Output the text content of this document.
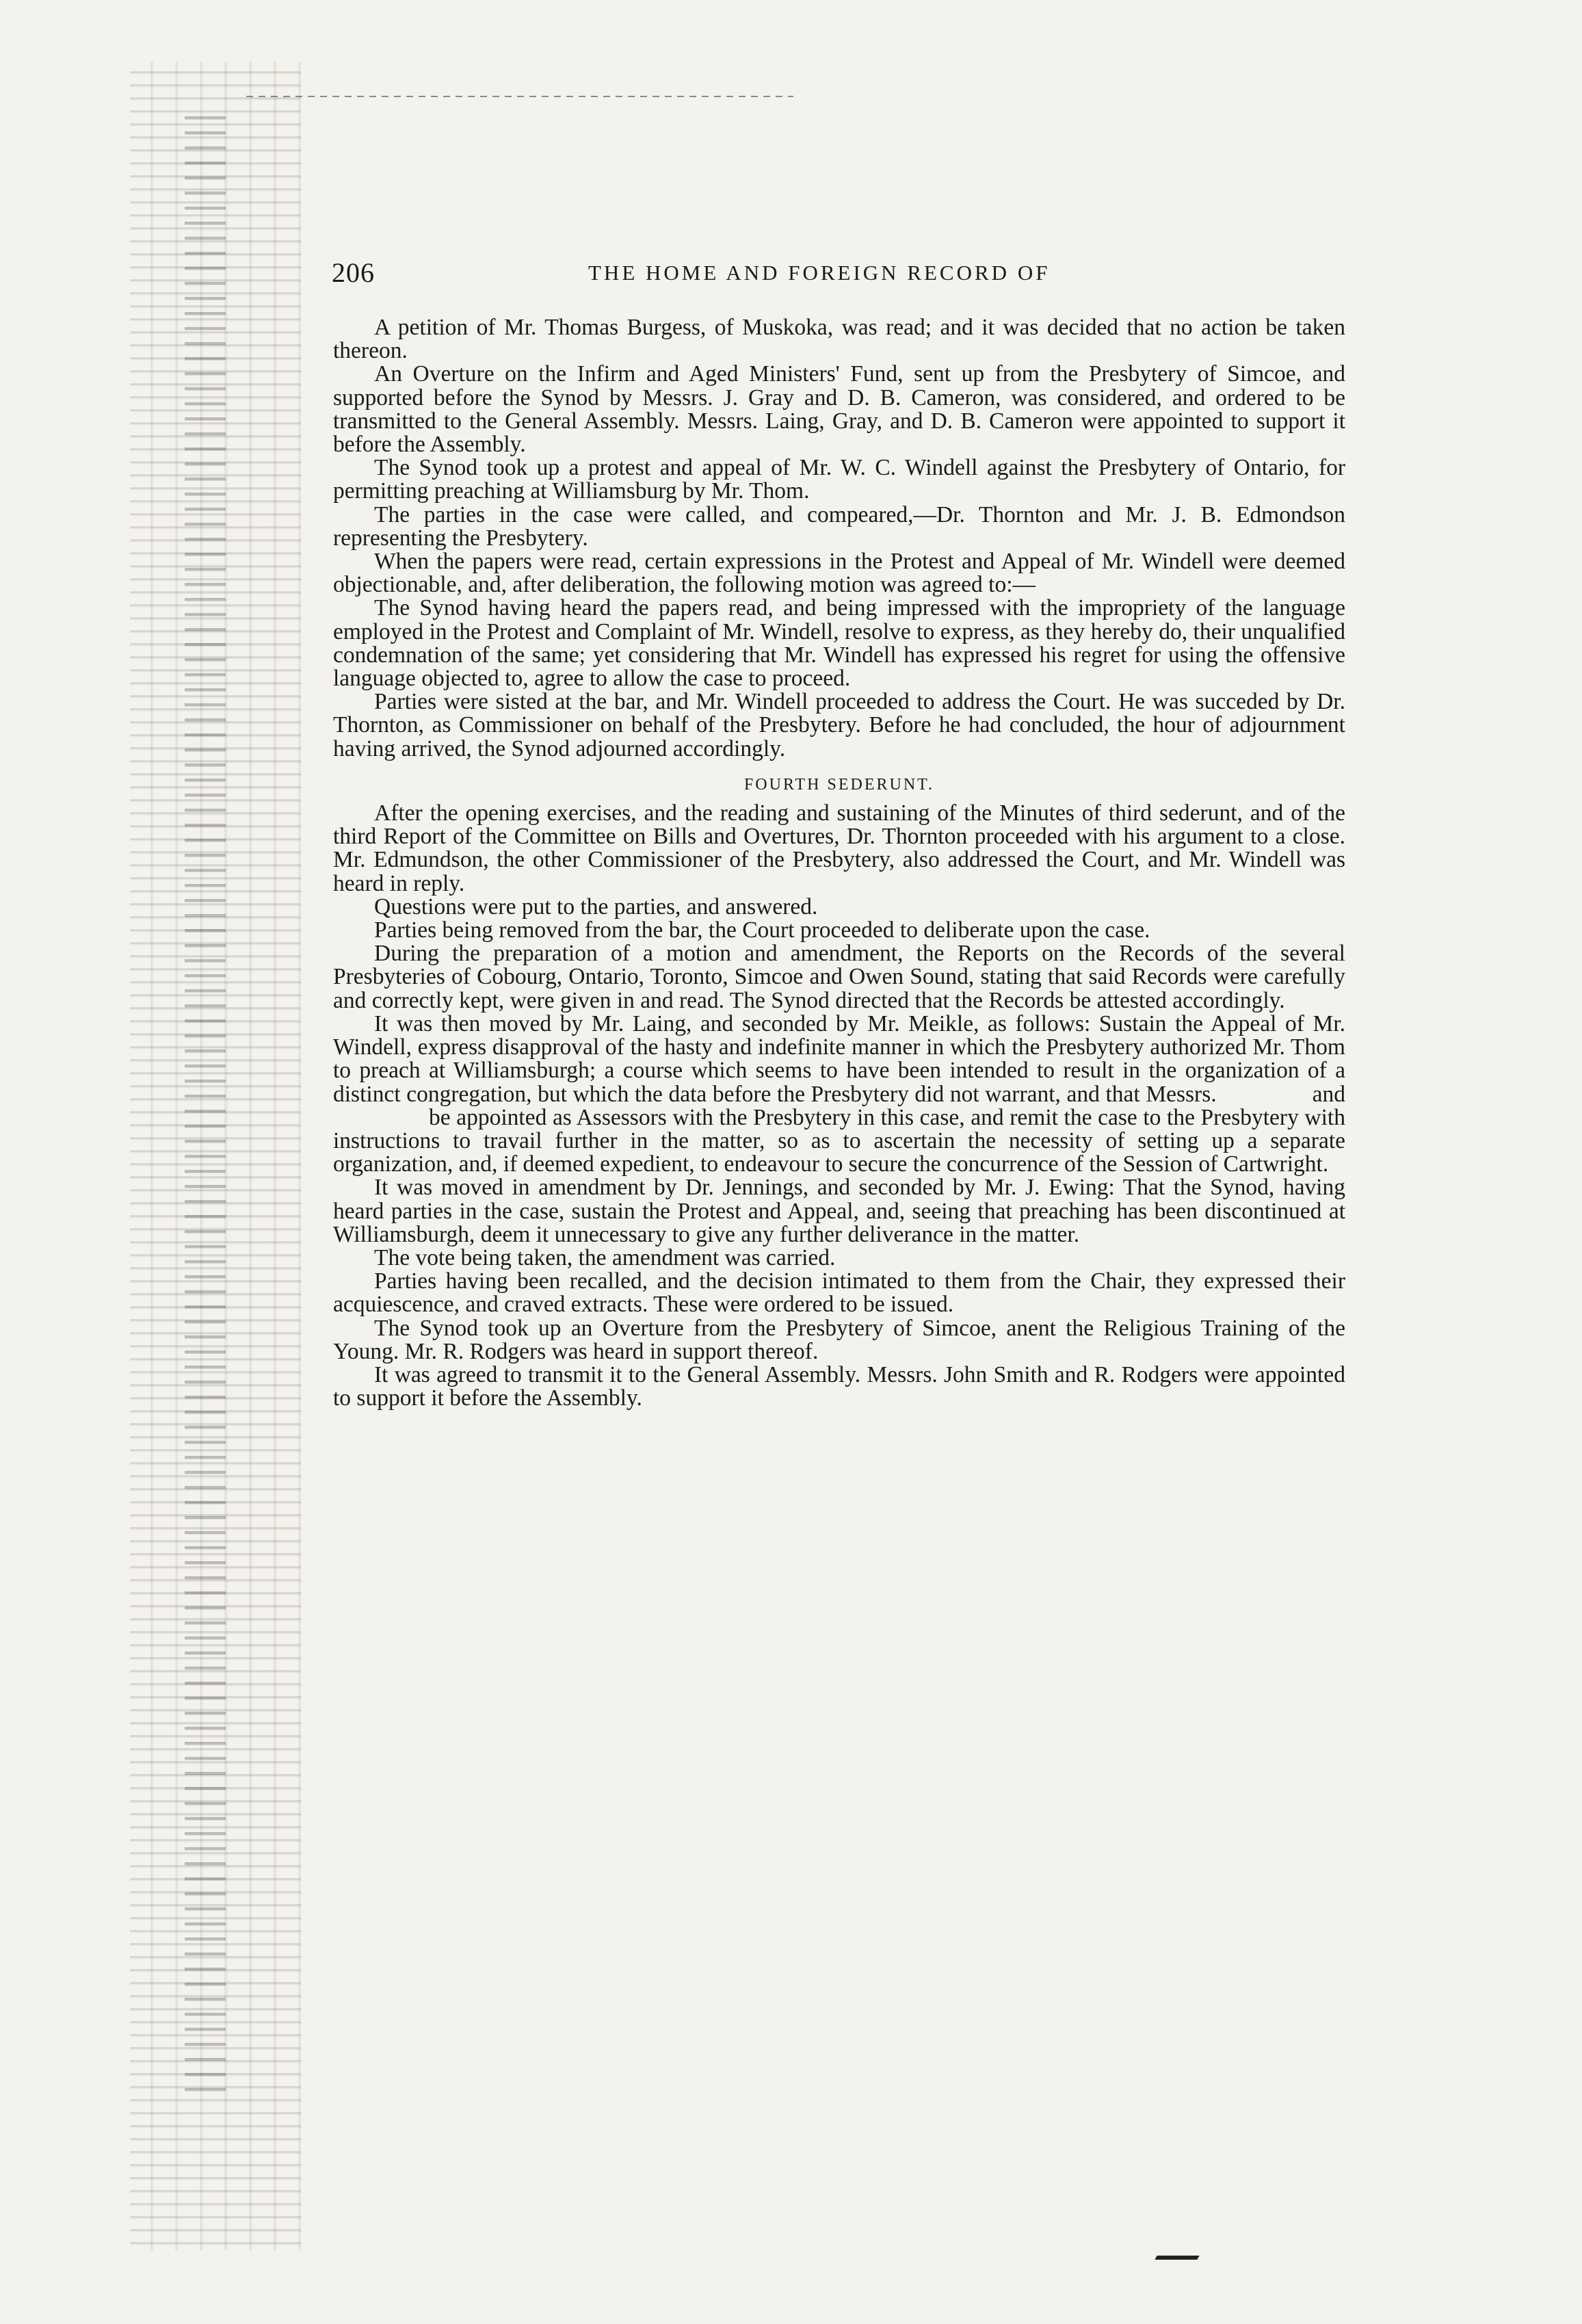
206	THE HOME AND FOREIGN RECORD OF

A petition of Mr. Thomas Burgess, of Muskoka, was read; and it was decided that no action be taken thereon.

An Overture on the Infirm and Aged Ministers' Fund, sent up from the Presbytery of Simcoe, and supported before the Synod by Messrs. J. Gray and D. B. Cameron, was considered, and ordered to be transmitted to the General Assembly. Messrs. Laing, Gray, and D. B. Cameron were appointed to support it before the Assembly.

The Synod took up a protest and appeal of Mr. W. C. Windell against the Presbytery of Ontario, for permitting preaching at Williamsburg by Mr. Thom.

The parties in the case were called, and compeared,—Dr. Thornton and Mr. J. B. Edmondson representing the Presbytery.

When the papers were read, certain expressions in the Protest and Appeal of Mr. Windell were deemed objectionable, and, after deliberation, the following motion was agreed to:—

The Synod having heard the papers read, and being impressed with the impropriety of the language employed in the Protest and Complaint of Mr. Windell, resolve to express, as they hereby do, their unqualified condemnation of the same; yet considering that Mr. Windell has expressed his regret for using the offensive language objected to, agree to allow the case to proceed.

Parties were sisted at the bar, and Mr. Windell proceeded to address the Court. He was succeded by Dr. Thornton, as Commissioner on behalf of the Presbytery. Before he had concluded, the hour of adjournment having arrived, the Synod adjourned accordingly.

FOURTH SEDERUNT.

After the opening exercises, and the reading and sustaining of the Minutes of third sederunt, and of the third Report of the Committee on Bills and Overtures, Dr. Thornton proceeded with his argument to a close. Mr. Edmundson, the other Commissioner of the Presbytery, also addressed the Court, and Mr. Windell was heard in reply.

Questions were put to the parties, and answered.

Parties being removed from the bar, the Court proceeded to deliberate upon the case.

During the preparation of a motion and amendment, the Reports on the Records of the several Presbyteries of Cobourg, Ontario, Toronto, Simcoe and Owen Sound, stating that said Records were carefully and correctly kept, were given in and read. The Synod directed that the Records be attested accordingly.

It was then moved by Mr. Laing, and seconded by Mr. Meikle, as follows: Sustain the Appeal of Mr. Windell, express disapproval of the hasty and indefinite manner in which the Presbytery authorized Mr. Thom to preach at Williamsburgh; a course which seems to have been intended to result in the organization of a distinct congregation, but which the data before the Presbytery did not warrant, and that Messrs.	andbe appointed as Assessors with the Presbytery in this case, and remit the case to the Presbytery with instructions to travail further in the matter, so as to ascertain the necessity of setting up a separate organization, and, if deemed expedient, to endeavour to secure the concurrence of the Session of Cartwright.

It was moved in amendment by Dr. Jennings, and seconded by Mr. J. Ewing: That the Synod, having heard parties in the case, sustain the Protest and Appeal, and, seeing that preaching has been discontinued at Williamsburgh, deem it unnecessary to give any further deliverance in the matter.

The vote being taken, the amendment was carried.

Parties having been recalled, and the decision intimated to them from the Chair, they expressed their acquiescence, and craved extracts. These were ordered to be issued.

The Synod took up an Overture from the Presbytery of Simcoe, anent the Religious Training of the Young. Mr. R. Rodgers was heard in support thereof.

It was agreed to transmit it to the General Assembly. Messrs. John Smith and R. Rodgers were appointed to support it before the Assembly.
